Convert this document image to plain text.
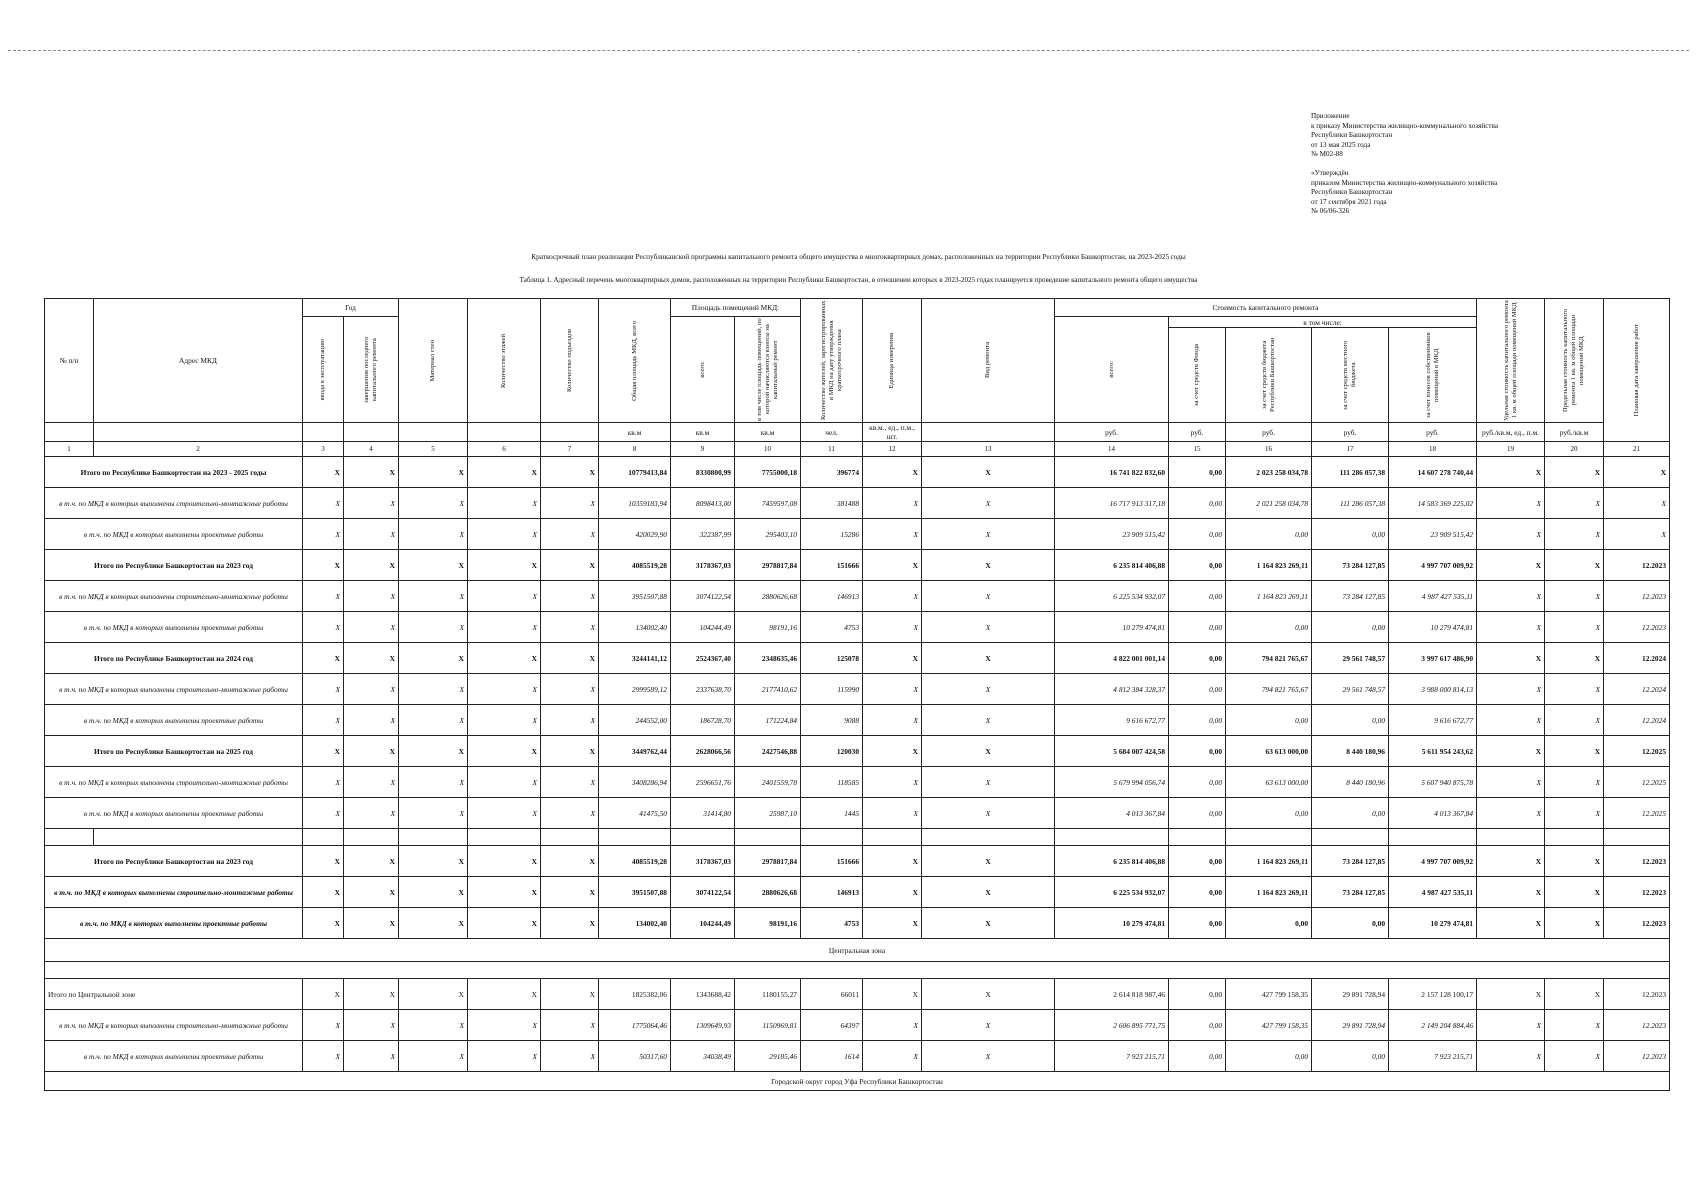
.
Приложение
к приказу Министерства жилищно-коммунального хозяйства
Республики Башкортостан
от 13 мая 2025 года
№ М02-88
«Утверждён
приказом Министерства жилищно-коммунального хозяйства
Республики Башкортостан
от 17 сентября 2021 года
№ 06/06-326
Краткосрочный план реализации Республиканской программы капитального ремонта общего имущества в многоквартирных домах, расположенных на территории Республики Башкортостан, на 2023-2025 годы
Таблица 1. Адресный перечень многоквартирных домов, расположенных на территории Республики Башкортостан, в отношении которых в 2023-2025 годах планируется проведение капитального ремонта общего имущества
№ п/п	Адрес МКД	Год		Материал стен	Количество этажей	Количество подъездов	Общая площадь МКД, всего	Площадь помещений МКД:		Количество жителей, зарегистрированных в МКД на дату утверждения краткосрочного плана	Единица измерения	Вид ремонта	Стоимость капитального ремонта					Удельная стоимость капитального ремонта 1 кв. м общей площади помещений МКД	Предельная стоимость капитального ремонта 1 кв. м общей площади помещений МКД	Плановая дата завершения работ

		ввода в эксплуатацию	завершения последнего капитального ремонта					всего:	в том числе площадь помещений, по которой начисляются взносы на капитальный ремонт				всего:	в том числе:						

														за счет средств Фонда	за счет средств бюджета Республики Башкортостан	за счет средств местного бюджета	за счет взносов собственников помещений в МКД			

							кв.м	кв.м	кв.м	чел.	кв.м., ед., п.м., шт.		руб.	руб.	руб.	руб.	руб.	руб./кв.м, ед., п.м.	руб./кв.м	
1	2	3	4	5	6	7	8	9	10	11	12	13	14	15	16	17	18	19	20	21
Итого по Республике Башкортостан на 2023 - 2025 годы		X	X	X	X	X	10779413,84	8330800,99	7755000,18	396774	X	X	16 741 822 832,60	0,00	2 023 258 034,78	111 286 057,38	14 607 278 740,44	X	X	X
в т.ч. по МКД в которых выполнены строительно-монтажные работы		X	X	X	X	X	10359183,94	8098413,00	7459597,08	381488	X	X	16 717 913 317,18	0,00	2 021 258 034,78	111 286 057,38	14 583 369 225,02	X	X	X
в т.ч. по МКД в которых выполнены проектные работы		X	X	X	X	X	420029,90	322387,99	295403,10	15286	X	X	23 909 515,42	0,00	0,00	0,00	23 909 515,42	X	X	X
Итого по Республике Башкортостан на 2023 год		X	X	X	X	X	4085519,28	3178367,03	2978817,84	151666	X	X	6 235 814 406,88	0,00	1 164 823 269,11	73 284 127,85	4 997 707 009,92	X	X	12.2023
в т.ч. по МКД в которых выполнены строительно-монтажные работы		X	X	X	X	X	3951507,88	3074122,54	2880626,68	146913	X	X	6 225 534 932,07	0,00	1 164 823 269,11	73 284 127,85	4 987 427 535,11	X	X	12.2023
в т.ч. по МКД в которых выполнены проектные работы		X	X	X	X	X	134002,40	104244,49	98191,16	4753	X	X	10 279 474,81	0,00	0,00	0,00	10 279 474,81	X	X	12.2023
Итого по Республике Башкортостан на 2024 год		X	X	X	X	X	3244141,12	2524367,40	2348635,46	125078	X	X	4 822 001 001,14	0,00	794 821 765,67	29 561 748,57	3 997 617 486,90	X	X	12.2024
в т.ч. по МКД в которых выполнены строительно-монтажные работы		X	X	X	X	X	2999589,12	2337638,70	2177410,62	115990	X	X	4 812 384 328,37	0,00	794 821 765,67	29 561 748,57	3 988 000 814,13	X	X	12.2024
в т.ч. по МКД в которых выполнены проектные работы		X	X	X	X	X	244552,00	186728,70	171224,84	9088	X	X	9 616 672,77	0,00	0,00	0,00	9 616 672,77	X	X	12.2024
Итого по Республике Башкортостан на 2025 год		X	X	X	X	X	3449762,44	2628066,56	2427546,88	120030	X	X	5 684 007 424,58	0,00	63 613 000,00	8 440 180,96	5 611 954 243,62	X	X	12.2025
в т.ч. по МКД в которых выполнены строительно-монтажные работы		X	X	X	X	X	3408286,94	2596651,76	2401559,78	118585	X	X	5 679 994 056,74	0,00	63 613 000,00	8 440 180,96	5 607 940 875,78	X	X	12.2025
в т.ч. по МКД в которых выполнены проектные работы		X	X	X	X	X	41475,50	31414,80	25987,10	1445	X	X	4 013 367,84	0,00	0,00	0,00	4 013 367,84	X	X	12.2025

Итого по Республике Башкортостан на 2023 год		X	X	X	X	X	4085519,28	3178367,03	2978817,84	151666	X	X	6 235 814 406,88	0,00	1 164 823 269,11	73 284 127,85	4 997 707 009,92	X	X	12.2023
в т.ч. по МКД в которых выполнены строительно-монтажные работы		X	X	X	X	X	3951507,88	3074122,54	2880626,68	146913	X	X	6 225 534 932,07	0,00	1 164 823 269,11	73 284 127,85	4 987 427 535,11	X	X	12.2023
в т.ч. по МКД в которых выполнены проектные работы		X	X	X	X	X	134002,40	104244,49	98191,16	4753	X	X	10 279 474,81	0,00	0,00	0,00	10 279 474,81	X	X	12.2023
Центральная зона																				

Итого по Центральной зоне		X	X	X	X	X	1825382,06	1343688,42	1180155,27	66011	X	X	2 614 818 987,46	0,00	427 799 158,35	29 891 728,94	2 157 128 100,17	X	X	12.2023
в т.ч. по МКД в которых выполнены строительно-монтажные работы		X	X	X	X	X	1775064,46	1309649,93	1150969,81	64397	X	X	2 606 895 771,75	0,00	427 799 158,35	29 891 728,94	2 149 204 884,46	X	X	12.2023
в т.ч. по МКД в которых выполнены проектные работы		X	X	X	X	X	50317,60	34038,49	29185,46	1614	X	X	7 923 215,71	0,00	0,00	0,00	7 923 215,71	X	X	12.2023
Городской округ город Уфа Республики Башкортостан																				
